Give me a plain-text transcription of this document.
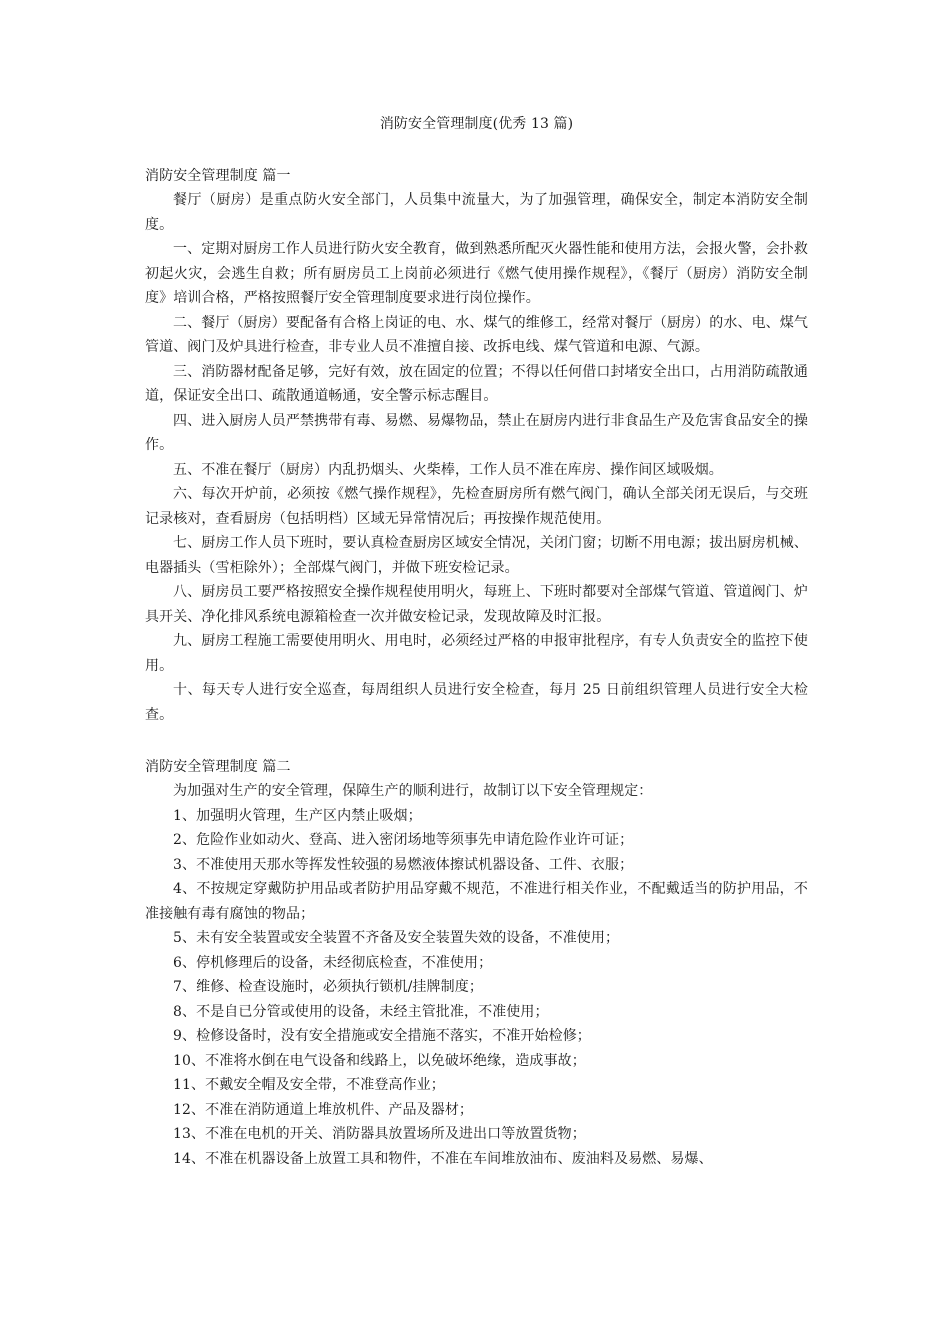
消防安全管理制度(优秀 13 篇)
消防安全管理制度 篇一

餐厅（厨房）是重点防火安全部门，人员集中流量大，为了加强管理，确保安全，制定本消防安全制度。

一、定期对厨房工作人员进行防火安全教育，做到熟悉所配灭火器性能和使用方法，会报火警，会扑救初起火灾，会逃生自救；所有厨房员工上岗前必须进行《燃气使用操作规程》，《餐厅（厨房）消防安全制度》培训合格，严格按照餐厅安全管理制度要求进行岗位操作。

二、餐厅（厨房）要配备有合格上岗证的电、水、煤气的维修工，经常对餐厅（厨房）的水、电、煤气管道、阀门及炉具进行检查，非专业人员不准擅自接、改拆电线、煤气管道和电源、气源。

三、消防器材配备足够，完好有效，放在固定的位置；不得以任何借口封堵安全出口，占用消防疏散通道，保证安全出口、疏散通道畅通，安全警示标志醒目。

四、进入厨房人员严禁携带有毒、易燃、易爆物品，禁止在厨房内进行非食品生产及危害食品安全的操作。

五、不准在餐厅（厨房）内乱扔烟头、火柴棒，工作人员不准在库房、操作间区域吸烟。

六、每次开炉前，必须按《燃气操作规程》，先检查厨房所有燃气阀门，确认全部关闭无误后，与交班记录核对，查看厨房（包括明档）区域无异常情况后；再按操作规范使用。

七、厨房工作人员下班时，要认真检查厨房区域安全情况，关闭门窗；切断不用电源；拔出厨房机械、电器插头（雪柜除外）；全部煤气阀门，并做下班安检记录。

八、厨房员工要严格按照安全操作规程使用明火，每班上、下班时都要对全部煤气管道、管道阀门、炉具开关、净化排风系统电源箱检查一次并做安检记录，发现故障及时汇报。

九、厨房工程施工需要使用明火、用电时，必须经过严格的申报审批程序，有专人负责安全的监控下使用。

十、每天专人进行安全巡查，每周组织人员进行安全检查，每月 25 日前组织管理人员进行安全大检查。

消防安全管理制度 篇二

为加强对生产的安全管理，保障生产的顺利进行，故制订以下安全管理规定：

1、加强明火管理，生产区内禁止吸烟；

2、危险作业如动火、登高、进入密闭场地等须事先申请危险作业许可证；

3、不准使用天那水等挥发性较强的易燃液体擦试机器设备、工件、衣服；

4、不按规定穿戴防护用品或者防护用品穿戴不规范，不准进行相关作业，不配戴适当的防护用品，不准接触有毒有腐蚀的物品；

5、未有安全装置或安全装置不齐备及安全装置失效的设备，不准使用；

6、停机修理后的设备，未经彻底检查，不准使用；

7、维修、检查设施时，必须执行锁机/挂牌制度；

8、不是自已分管或使用的设备，未经主管批准，不准使用；

9、检修设备时，没有安全措施或安全措施不落实，不准开始检修；

10、不准将水倒在电气设备和线路上，以免破坏绝缘，造成事故；

11、不戴安全帽及安全带，不准登高作业；

12、不准在消防通道上堆放机件、产品及器材；

13、不准在电机的开关、消防器具放置场所及进出口等放置货物；

14、不准在机器设备上放置工具和物件，不准在车间堆放油布、废油料及易燃、易爆、
